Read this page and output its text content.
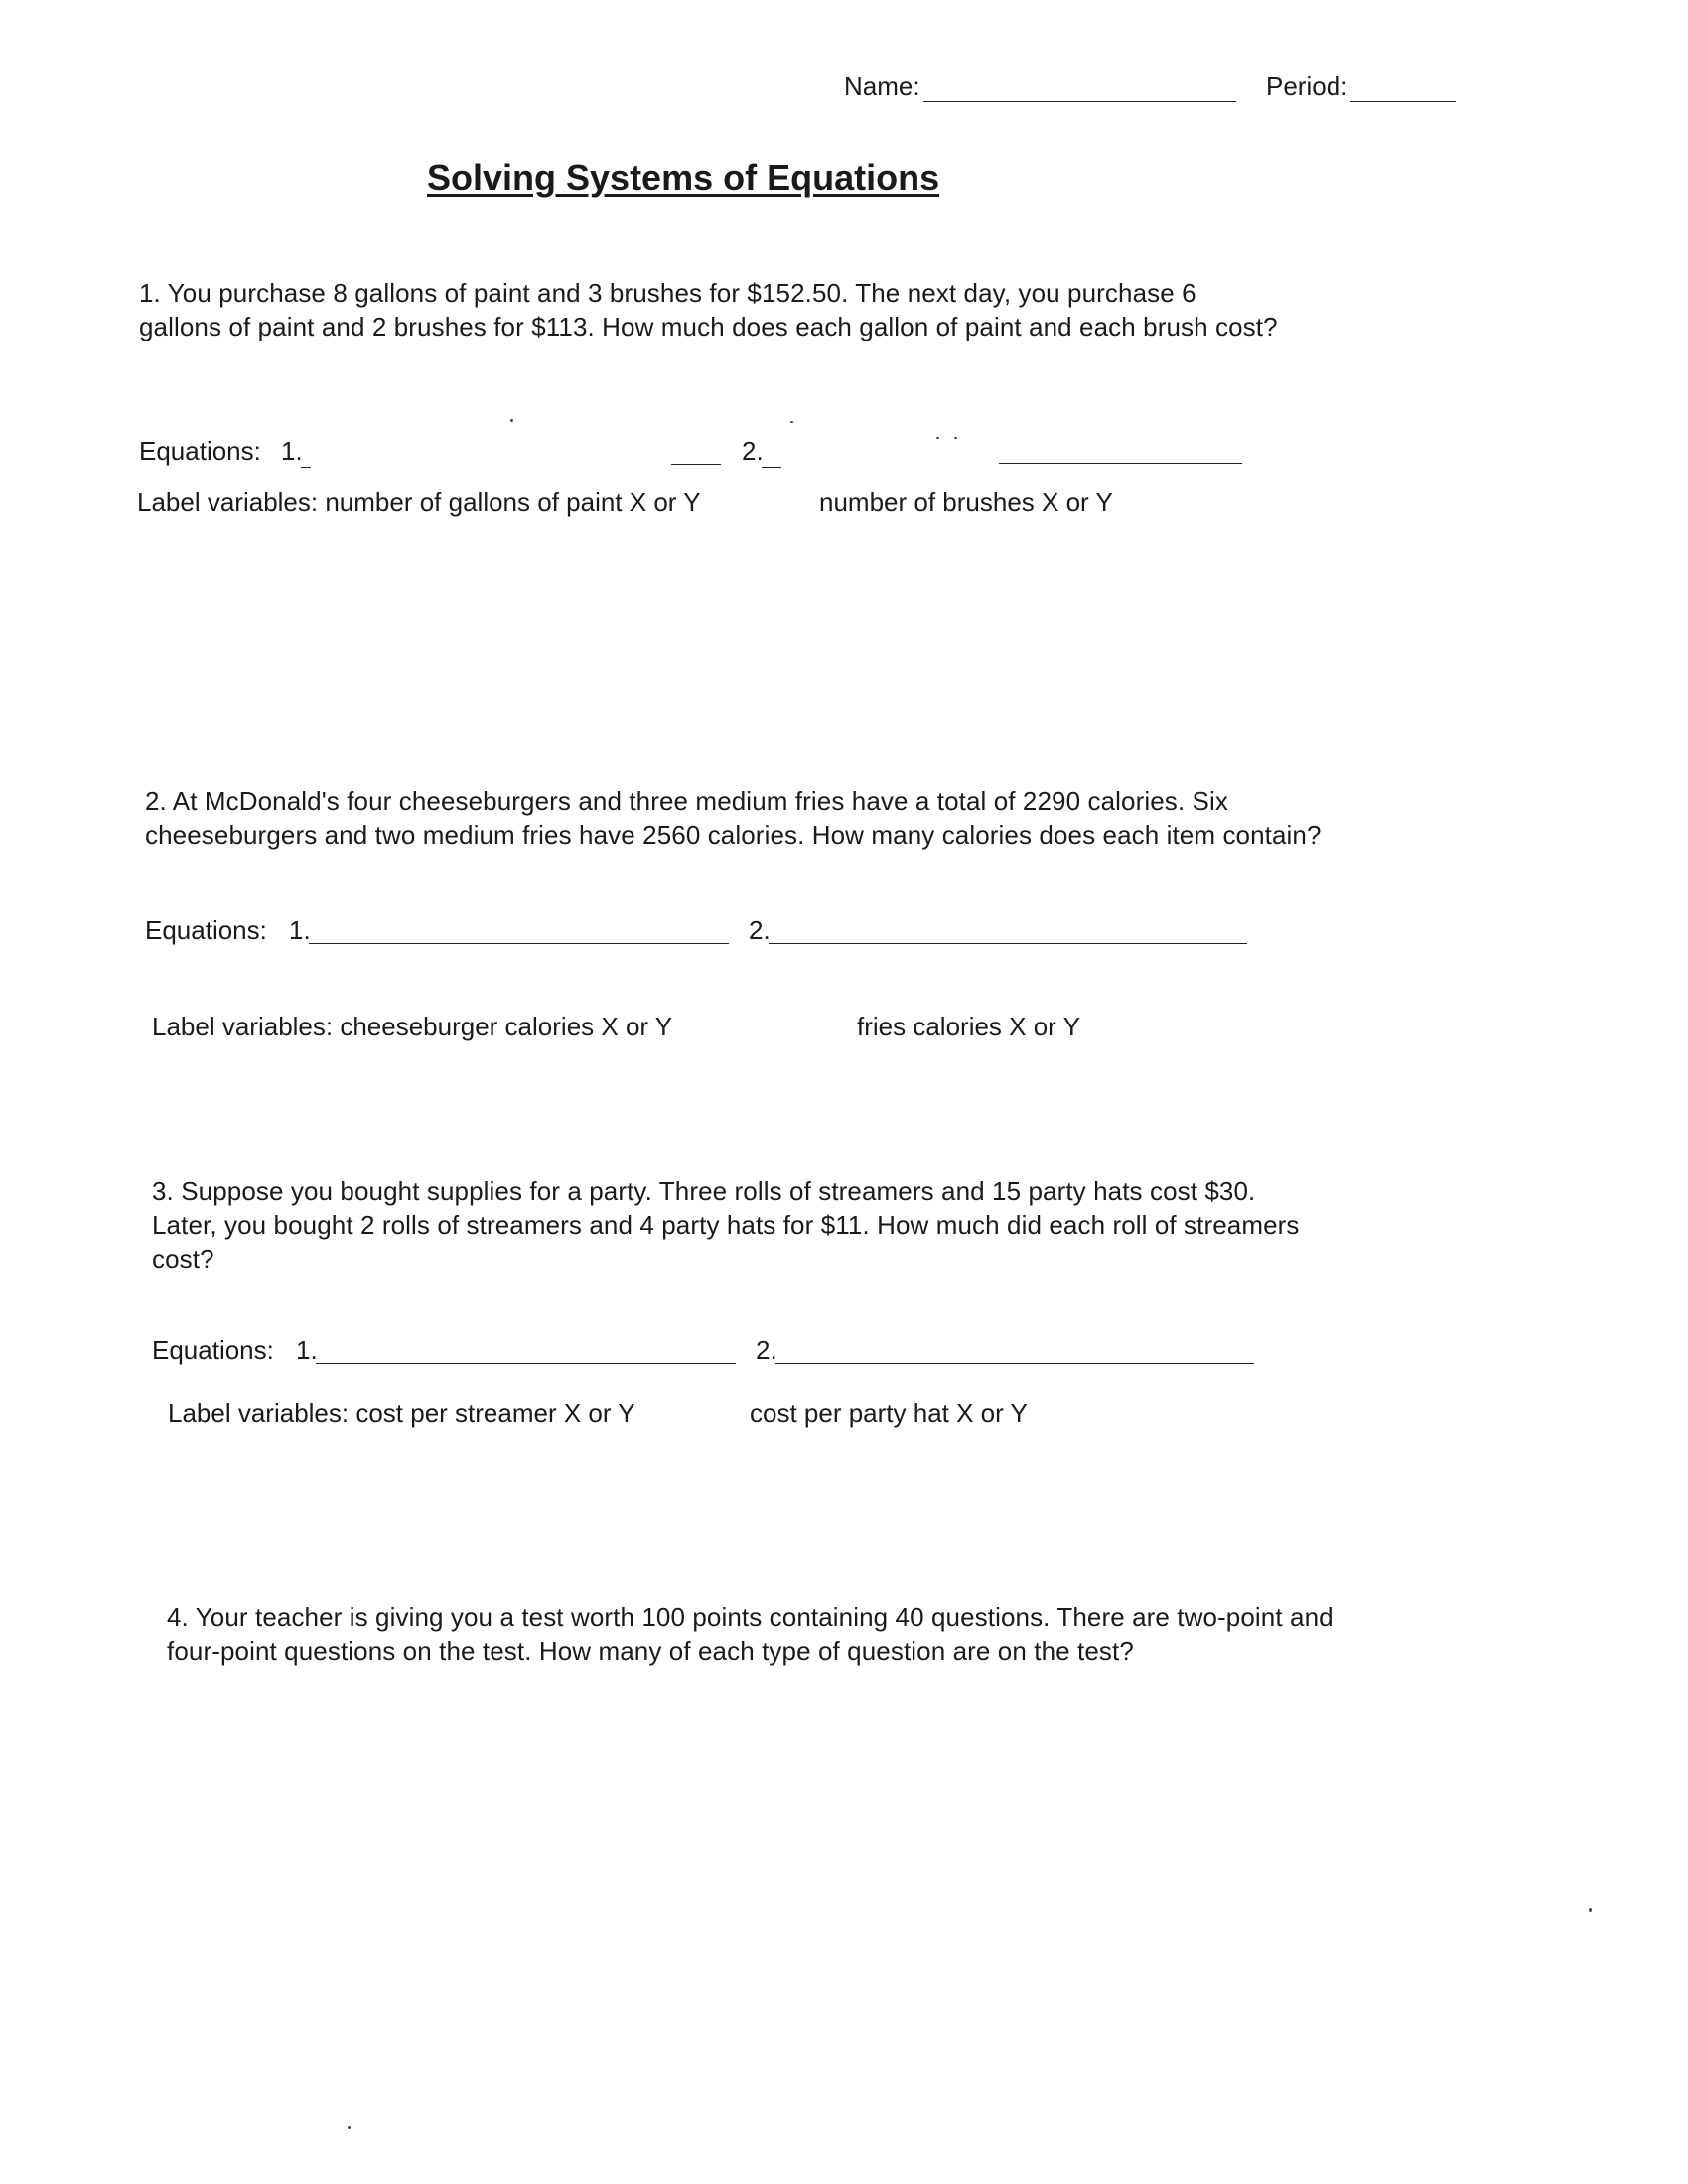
Name:	Period:
Solving Systems of Equations
1. You purchase 8 gallons of paint and 3 brushes for $152.50. The next day, you purchase 6 gallons of paint and 2 brushes for $113. How much does each gallon of paint and each brush cost?
Equations: 1.	2.
Label variables: number of gallons of paint X or Y	number of brushes X or Y
2. At McDonald's four cheeseburgers and three medium fries have a total of 2290 calories. Six cheeseburgers and two medium fries have 2560 calories. How many calories does each item contain?
Equations: 1.	2.
Label variables: cheeseburger calories X or Y	fries calories X or Y
3. Suppose you bought supplies for a party. Three rolls of streamers and 15 party hats cost $30. Later, you bought 2 rolls of streamers and 4 party hats for $11. How much did each roll of streamers cost?
Equations: 1.	2.
Label variables: cost per streamer X or Y	cost per party hat X or Y
4. Your teacher is giving you a test worth 100 points containing 40 questions. There are two-point and four-point questions on the test. How many of each type of question are on the test?
